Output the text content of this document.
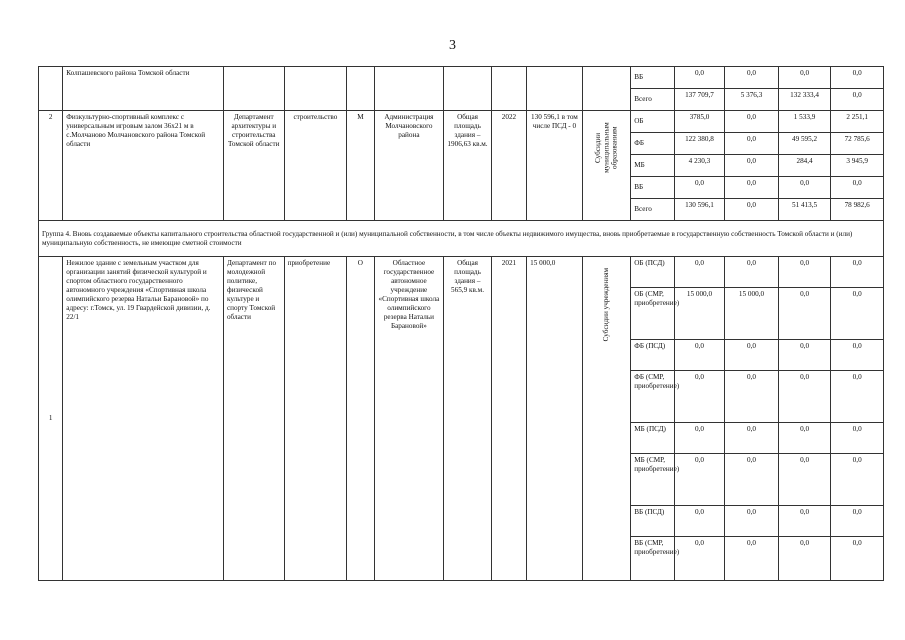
3
	Колпашевского района Томской области									ВБ	0,0	0,0	0,0	0,0
										Всего	137 709,7	5 376,3	132 333,4	0,0
2	Физкультурно-спортивный комплекс с универсальным игровым залом 36х21 м в с.Молчаново Молчановского района Томской области	Департамент архитектуры и строительства Томской области	строительство	М	Администрация Молчановского района	Общая площадь здания – 1906,63 кв.м.	2022	130 596,1 в том числе ПСД - 0	Субсидии муниципальным образованиям	ОБ	3785,0	0,0	1 533,9	2 251,1
										ФБ	122 380,8	0,0	49 595,2	72 785,6
										МБ	4 230,3	0,0	284,4	3 945,9
										ВБ	0,0	0,0	0,0	0,0
										Всего	130 596,1	0,0	51 413,5	78 982,6
Группа 4. Вновь создаваемые объекты капитального строительства областной государственной и (или) муниципальной собственности, в том числе объекты недвижимого имущества, вновь приобретаемые в государственную собственность Томской области и (или) муниципальную собственность, не имеющие сметной стоимости														
1	Нежилое здание с земельным участком для организации занятий физической культурой и спортом областного государственного автономного учреждения «Спортивная школа олимпийского резерва Натальи Барановой» по адресу: г.Томск, ул. 19 Гвардейской дивизии, д. 22/1	Департамент по молодежной политике, физической культуре и спорту Томской области	приобретение	О	Областное государственное автономное учреждение «Спортивная школа олимпийского резерва Натальи Барановой»	Общая площадь здания – 565,9 кв.м.	2021	15 000,0	Субсидии учреждениям	ОБ (ПСД)	0,0	0,0	0,0	0,0
										ОБ (СМР, приобретение)	15 000,0	15 000,0	0,0	0,0
										ФБ (ПСД)	0,0	0,0	0,0	0,0
										ФБ (СМР, приобретение)	0,0	0,0	0,0	0,0
										МБ (ПСД)	0,0	0,0	0,0	0,0
										МБ (СМР, приобретение)	0,0	0,0	0,0	0,0
										ВБ (ПСД)	0,0	0,0	0,0	0,0
										ВБ (СМР, приобретение)	0,0	0,0	0,0	0,0
